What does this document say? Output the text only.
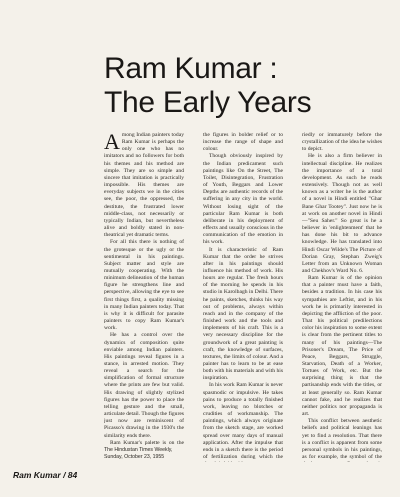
Ram Kumar :
The Early Years

Among Indian painters today Ram Kumar is perhaps the only one who has no imitators and no followers for both his themes and his method are simple. They are so simple and sincere that imitation is practically impossible. His themes are everyday subjects we in the cities see, the poor, the oppressed, the destitute, the frustrated lower middle-class, not necessarily or typically Indian, but nevertheless alive and boldly stated in non-theatrical yet dramatic terms.

For all this there is nothing of the grotesque or the ugly or the sentimental in his paintings. Subject matter and style are mutually cooperating. With the minimum delineation of the human figure he strengthens line and perspective, allowing the eye to see first things first, a quality missing in many Indian painters today. That is why it is difficult for parasite painters to copy Ram Kumar's work.

He has a control over the dynamics of composition quite enviable among Indian painters. His paintings reveal figures in a stance, in arrested motion. They reveal a search for the simplification of formal structure where the prints are few but valid. His drawing of slightly stylized figures has the power to place the telling gesture and the small, articulate detail. Though the figures just now are reminiscent of Picasso's drawing in the 1930's the similarity ends there.

Ram Kumar's palette is on the

the figures in bolder relief or to increase the range of shape and colour.

Though obviously inspired by the Indian predicament such paintings like On the Street, The Toilet, Disintegration, Frustration of Youth, Beggars and Lower Depths are authentic records of the suffering in any city in the world. Without losing sight of the particular Ram Kumar is both deliberate in his deployment of effects and usually conscious in the communication of the emotion in his work.

It is characteristic of Ram Kumar that the order he strives after in his paintings should influence his method of work. His hours are regular. The fresh hours of the morning he spends in his studio in Karolbagh in Delhi. There he paints, sketches, thinks his way out of problems, always within reach and in the company of the finished work and the tools and implements of his craft. This is a very necessary discipline for the groundwork of a great painting is craft, the knowledge of surfaces, textures, the limits of colour. And a painter has to learn to be at ease both with his materials and with his inspiration.

In his work Ram Kumar is never spasmodic or impulsive. He takes pains to produce a totally finished work, leaving no blotches or crudities of workmanship. The paintings, which always originate from the sketch stage, are worked spread over many days of manual application. After the impulse that ends in a sketch there is the period of fertilization during which the

riedly or immaturely before the crystallization of the idea he wishes to depict.

He is also a firm believer in intellectual discipline. He realizes the importance of a total development. As such he reads extensively. Though not as well known as a writer he is the author of a novel in Hindi entitled "Ghar Bane Ghar Tootey". Just now he is at work on another novel in Hindi—"Seu Saher." So great is he a believer in 'enlightenment' that he has done his bit to advance knowledge. He has translated into Hindi Oscar Wilde's The Picture of Dorian Gray, Stephan Zweig's Letter from an Unknown Woman and Chekhov's Ward No. 6.

Ram Kumar is of the opinion that a painter must have a faith, besides a tradition. In his case his sympathies are Leftist, and in his work he is primarily interested in depicting the affliction of the poor. That his political predilections color his inspiration to some extent is clear from the pertinent titles to many of his paintings—The Prisoner's Dream, The Price of Peace, Beggars, Struggle, Starvation, Death of a Worker, Tortues of Work, etc. But the surprising thing is that the partisanship ends with the titles, or at least generally so. Ram Kumar cannot fake, and he realizes that neither politics nor propaganda is art.

This conflict between aesthetic beliefs and political leanings has yet to find a resolution. That there is a conflict is apparent from some personal symbols in his paintings, as for example, the symbol of the

The Hindustan Times Weekly,
Sunday, October 23, 1955
Ram Kumar / 84
